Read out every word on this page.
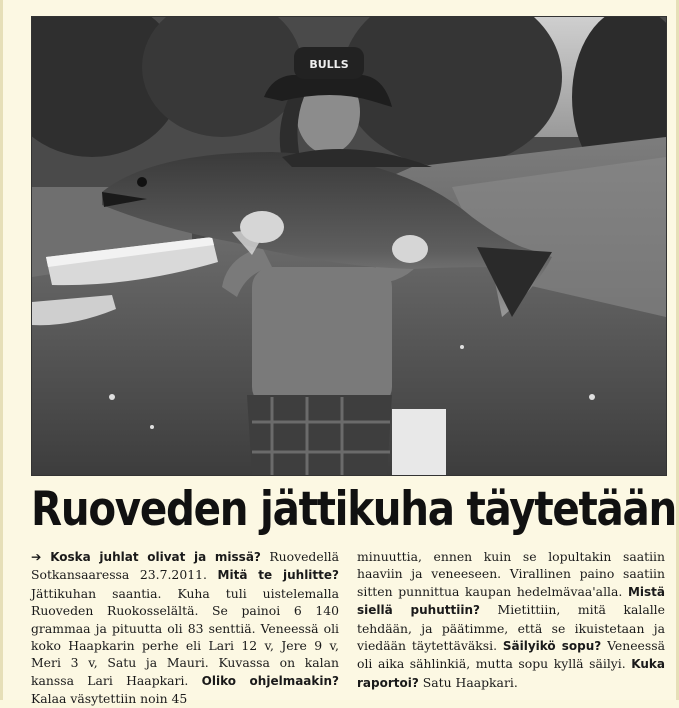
BULLS
Ruoveden jättikuha täytetään
➔ Koska juhlat olivat ja missä? Ruovedellä Sotkansaaressa 23.7.2011. Mitä te juhlitte? Jättikuhan saantia. Kuha tuli uistelemalla Ruoveden Ruokosselältä. Se painoi 6 140 grammaa ja pituutta oli 83 senttiä. Veneessä oli koko Haapkarin perhe eli Lari 12 v, Jere 9 v, Meri 3 v, Satu ja Mauri. Kuvassa on kalan kanssa Lari Haapkari. Oliko ohjelmaakin? Kalaa väsytettiin noin 45
minuuttia, ennen kuin se lopultakin saatiin haaviin ja veneeseen. Virallinen paino saatiin sitten punnittua kaupan hedelmävaa'alla. Mistä siellä puhuttiin? Mietittiin, mitä kalalle tehdään, ja päätimme, että se ikuistetaan ja viedään täytettäväksi. Säilyikö sopu? Veneessä oli aika sählinkiä, mutta sopu kyllä säilyi. Kuka raportoi? Satu Haapkari.
